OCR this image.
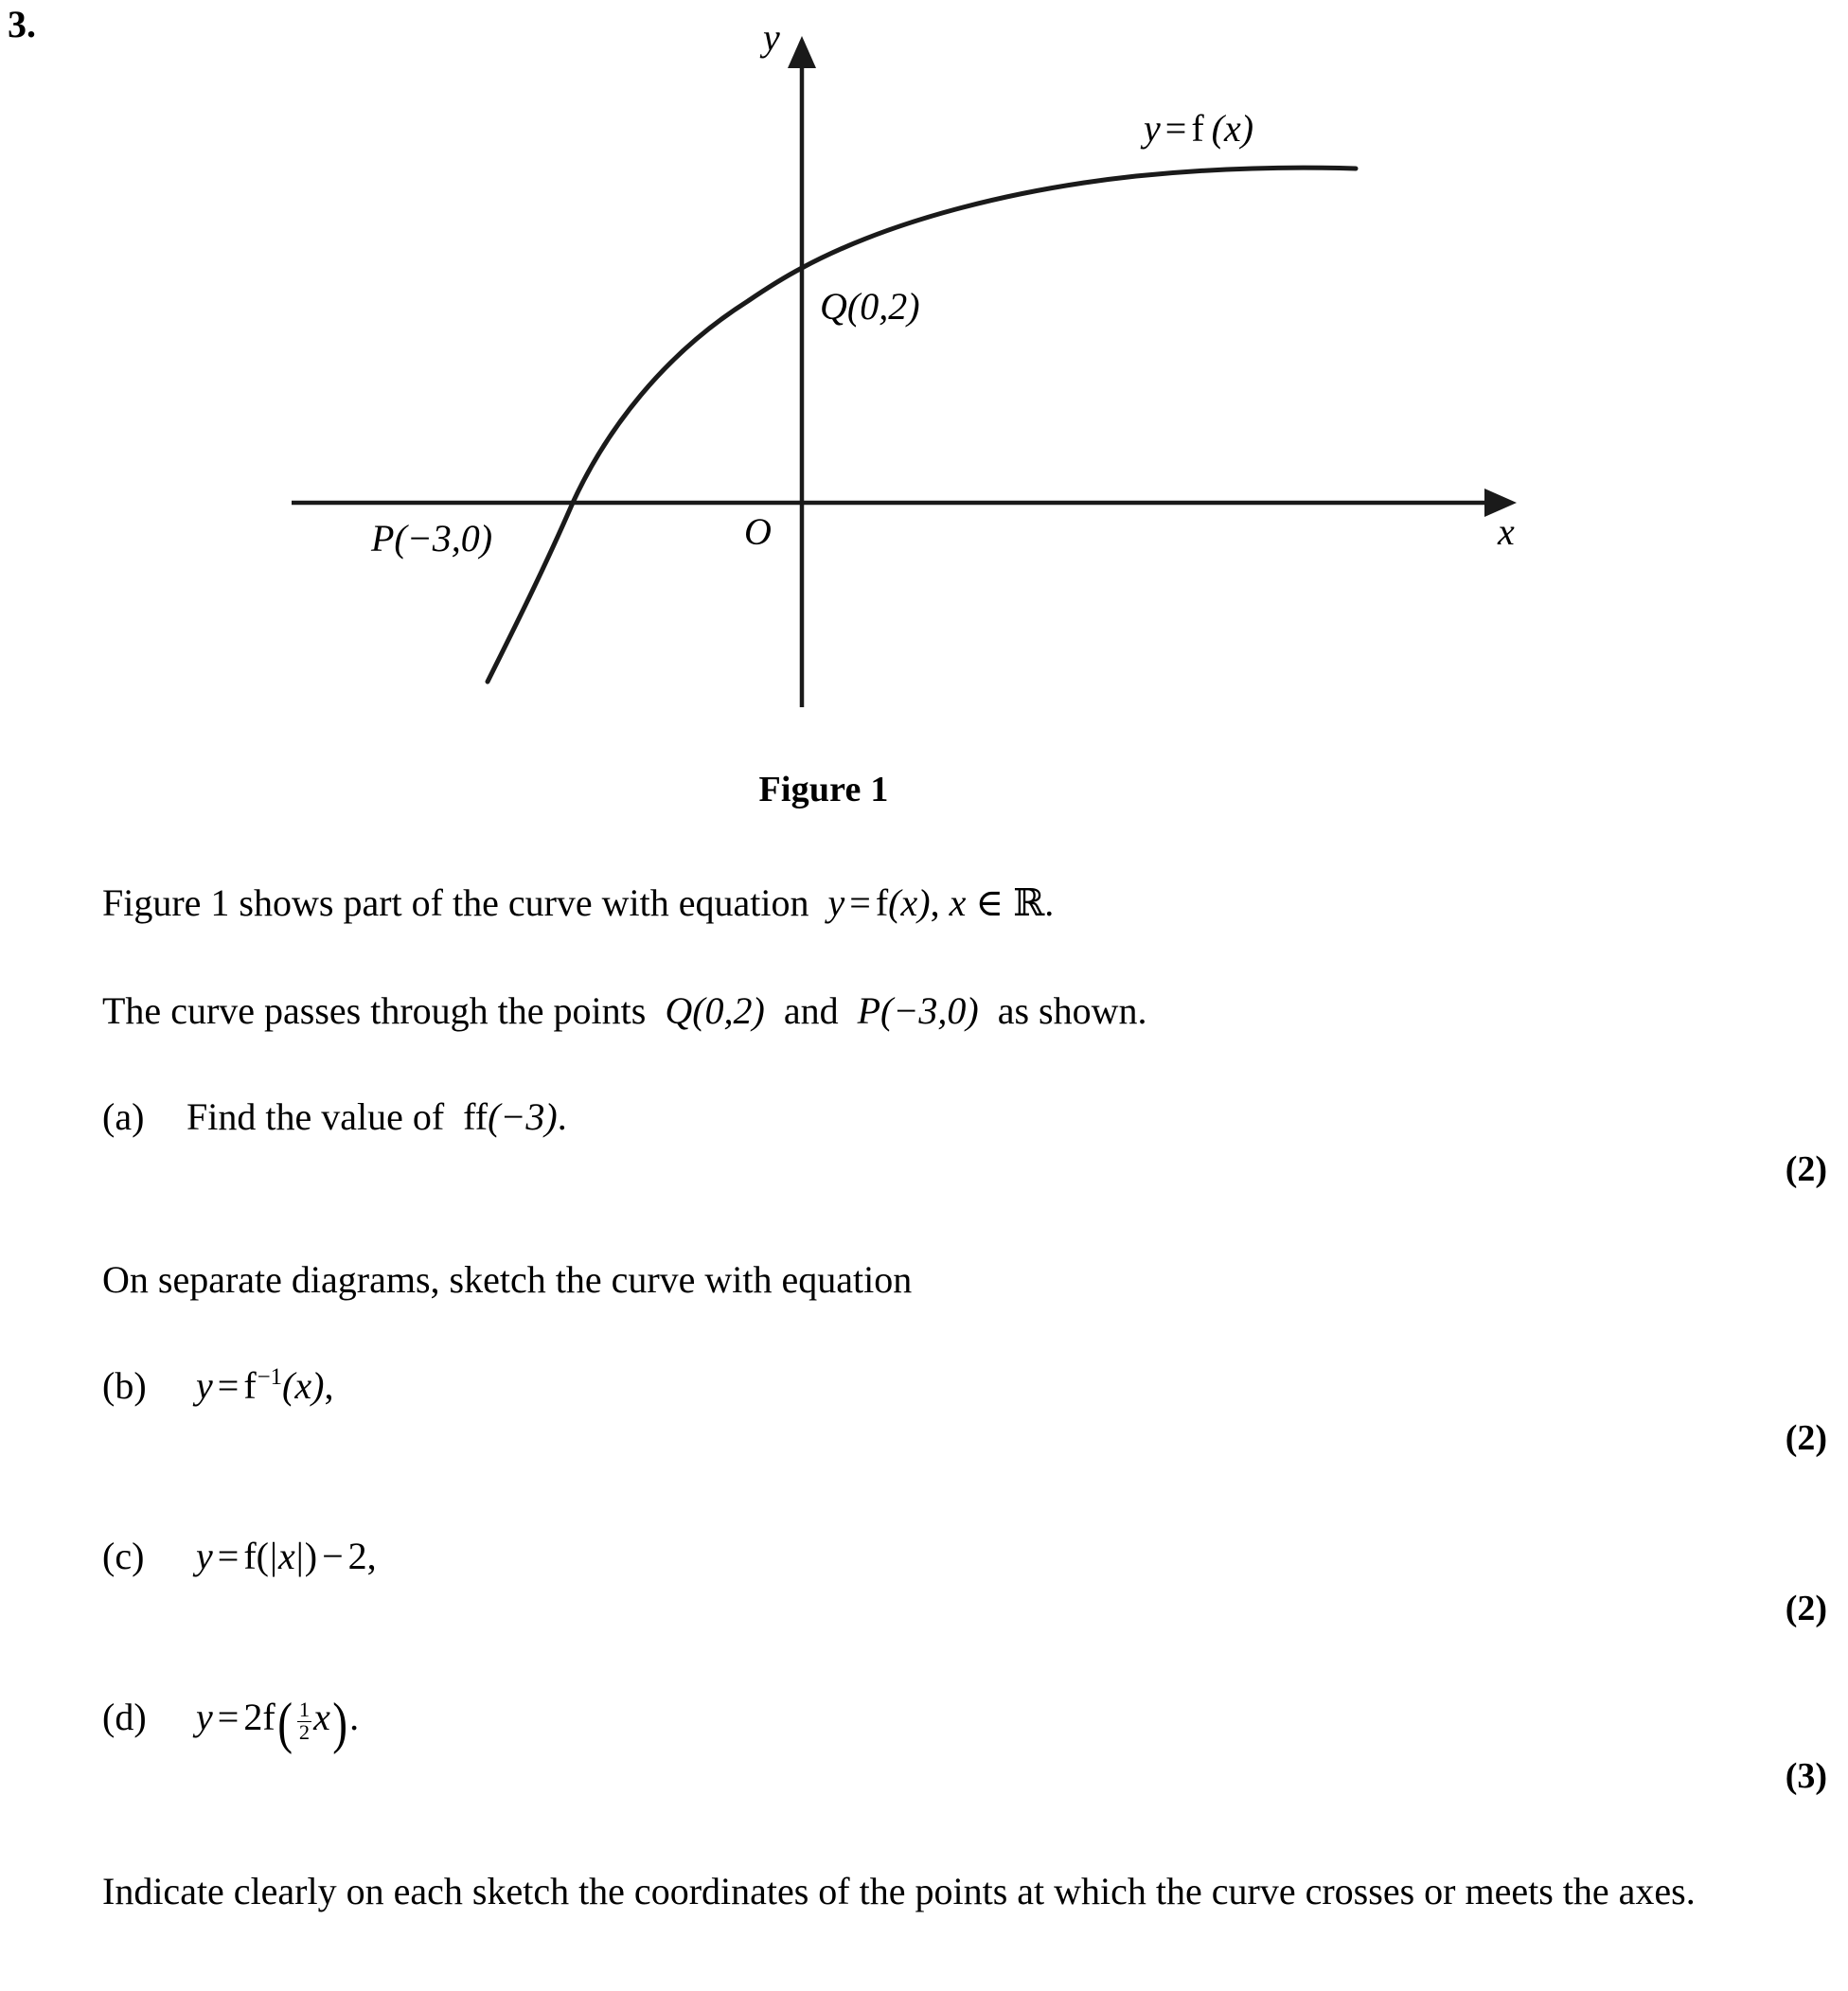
3.	y
x
O
y = f (x)
Q(0,2)
P(−3,0)
Figure 1
Figure 1 shows part of the curve with equation y = f(x), x ∈ ℝ.
The curve passes through the points Q(0,2) and P(−3,0) as shown.
(a) Find the value of ff(−3).
(2)
On separate diagrams, sketch the curve with equation
(b) $y = f^{-1}(x)$,
(2)
(c) y = f(|x|) − 2,
(2)
(d) $y = 2f( \frac{1}{2} x)$.
(3)
Indicate clearly on each sketch the coordinates of the points at which the curve crosses or meets the axes.
